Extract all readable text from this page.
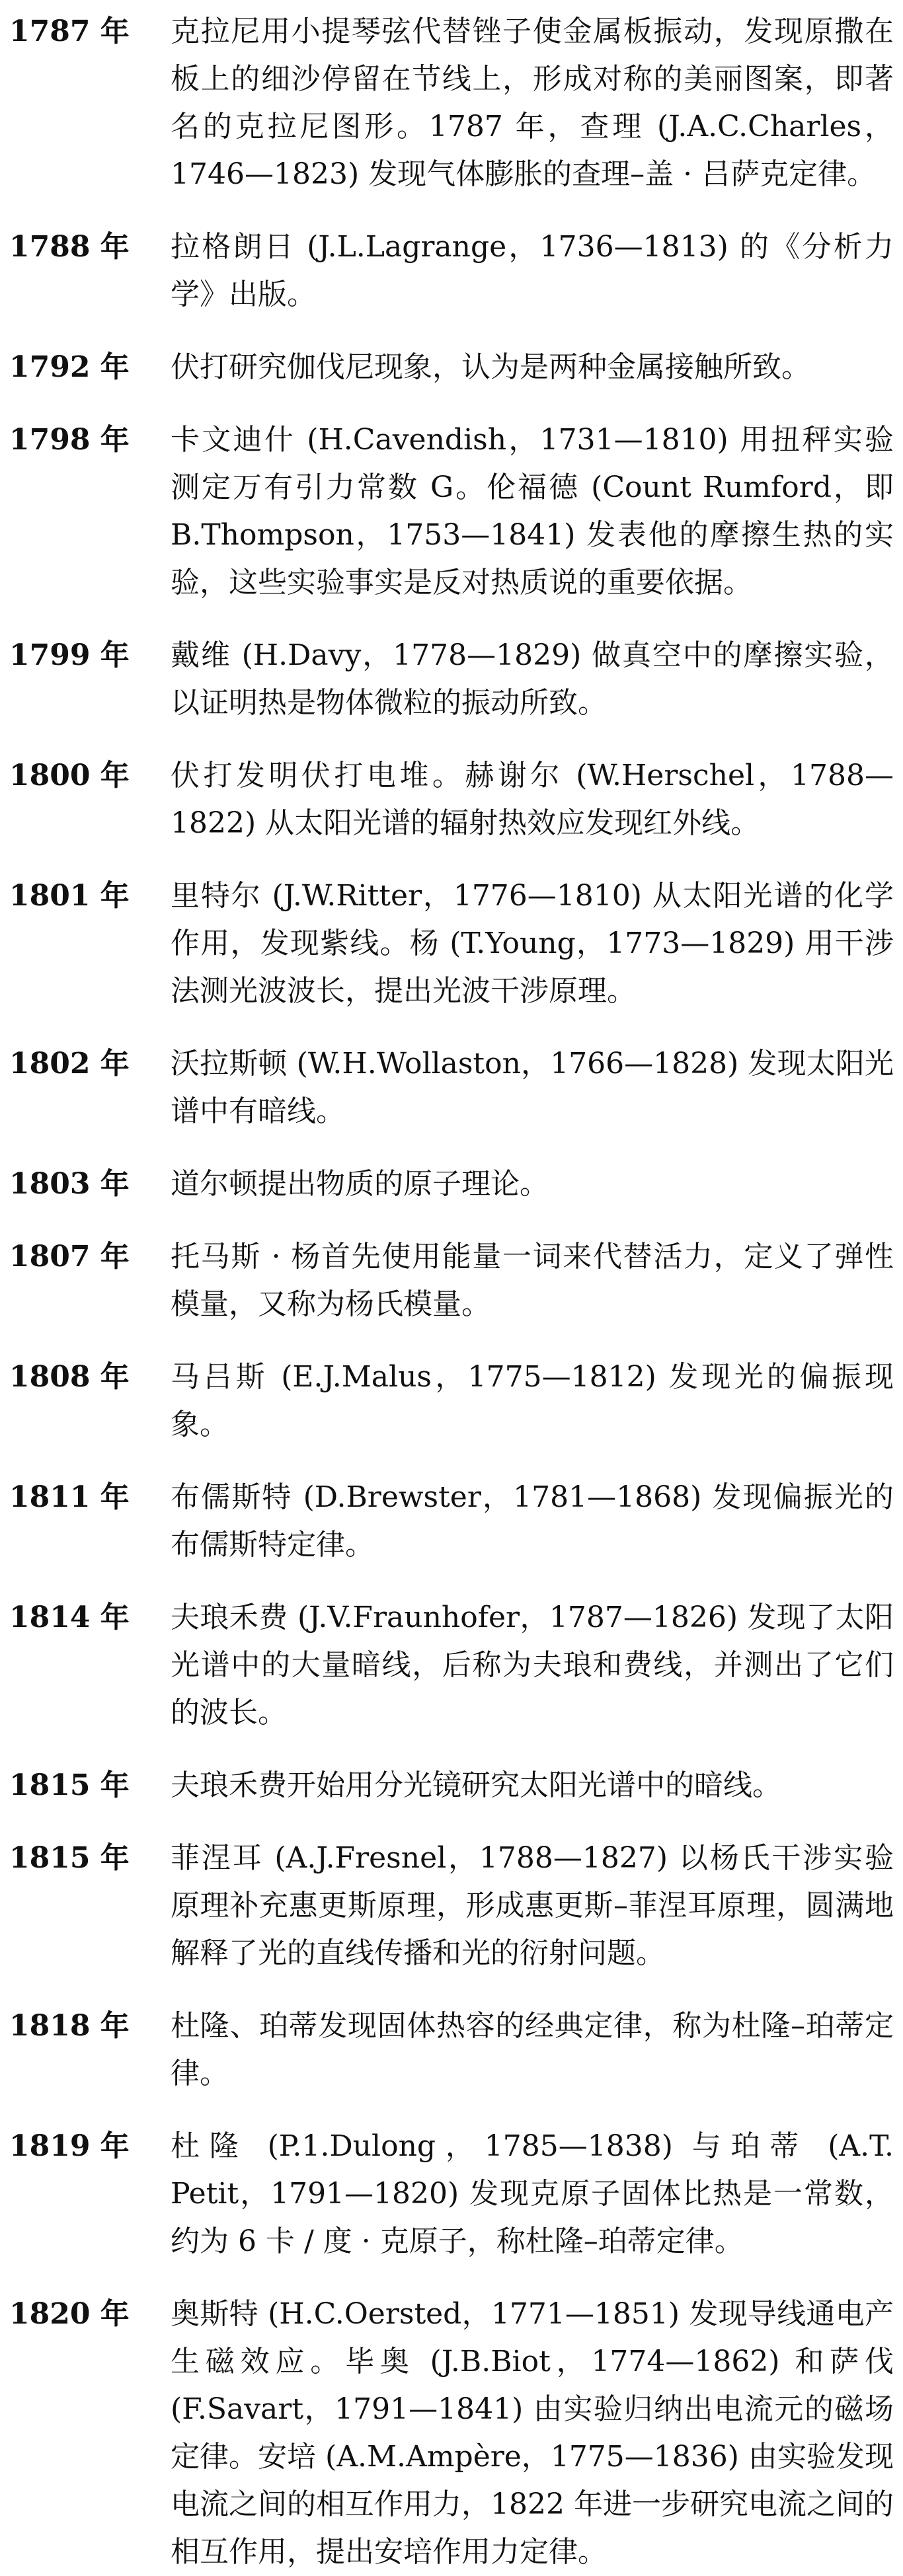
1787 年	克拉尼用小提琴弦代替锉子使金属板振动，发现原撒在板上的细沙停留在节线上，形成对称的美丽图案，即著名的克拉尼图形。1787 年，查理 (J.A.C.Charles，1746—1823) 发现气体膨胀的查理–盖 · 吕萨克定律。
1788 年	拉格朗日 (J.L.Lagrange，1736—1813) 的《分析力学》出版。
1792 年	伏打研究伽伐尼现象，认为是两种金属接触所致。
1798 年	卡文迪什 (H.Cavendish，1731—1810) 用扭秤实验测定万有引力常数 G。伦福德 (Count Rumford，即 B.Thompson，1753—1841) 发表他的摩擦生热的实验，这些实验事实是反对热质说的重要依据。
1799 年	戴维 (H.Davy，1778—1829) 做真空中的摩擦实验，以证明热是物体微粒的振动所致。
1800 年	伏打发明伏打电堆。赫谢尔 (W.Herschel，1788—1822) 从太阳光谱的辐射热效应发现红外线。
1801 年	里特尔 (J.W.Ritter，1776—1810) 从太阳光谱的化学作用，发现紫线。杨 (T.Young，1773—1829) 用干涉法测光波波长，提出光波干涉原理。
1802 年	沃拉斯顿 (W.H.Wollaston，1766—1828) 发现太阳光谱中有暗线。
1803 年	道尔顿提出物质的原子理论。
1807 年	托马斯 · 杨首先使用能量一词来代替活力，定义了弹性模量，又称为杨氏模量。
1808 年	马吕斯 (E.J.Malus，1775—1812) 发现光的偏振现象。
1811 年	布儒斯特 (D.Brewster，1781—1868) 发现偏振光的布儒斯特定律。
1814 年	夫琅禾费 (J.V.Fraunhofer，1787—1826) 发现了太阳光谱中的大量暗线，后称为夫琅和费线，并测出了它们的波长。
1815 年	夫琅禾费开始用分光镜研究太阳光谱中的暗线。
1815 年	菲涅耳 (A.J.Fresnel，1788—1827) 以杨氏干涉实验原理补充惠更斯原理，形成惠更斯–菲涅耳原理，圆满地解释了光的直线传播和光的衍射问题。
1818 年	杜隆、珀蒂发现固体热容的经典定律，称为杜隆–珀蒂定律。
1819 年	杜隆 (P.1.Dulong，1785—1838) 与珀蒂 (A.T. Petit，1791—1820) 发现克原子固体比热是一常数，约为 6 卡 / 度 · 克原子，称杜隆–珀蒂定律。
1820 年	奥斯特 (H.C.Oersted，1771—1851) 发现导线通电产生磁效应。毕奥 (J.B.Biot，1774—1862) 和萨伐 (F.Savart，1791—1841) 由实验归纳出电流元的磁场定律。安培 (A.M.Ampère，1775—1836) 由实验发现电流之间的相互作用力，1822 年进一步研究电流之间的相互作用，提出安培作用力定律。
